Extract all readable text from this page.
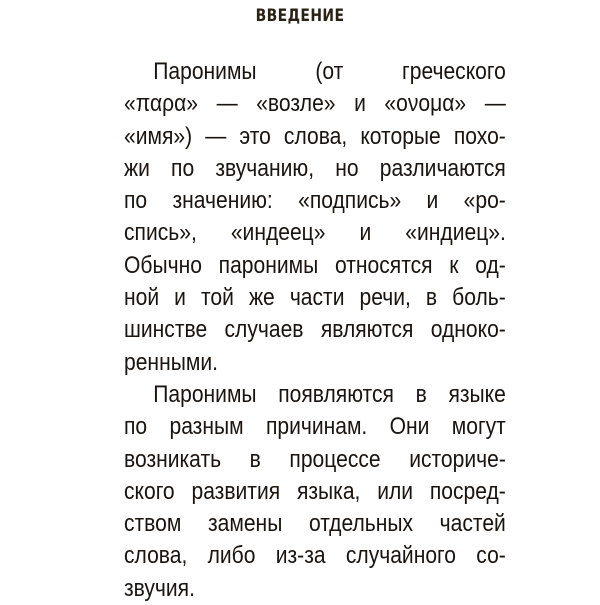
ВВЕДЕНИЕ
Паронимы (от греческого
«παρα» — «возле» и «ονομα» —
«имя») — это слова, которые похо-
жи по звучанию, но различаются
по значению: «подпись» и «ро-
спись», «индеец» и «индиец».
Обычно паронимы относятся к од-
ной и той же части речи, в боль-
шинстве случаев являются однoко-
ренными.
Паронимы появляются в языке
по разным причинам. Они могут
возникать в процессе историче-
ского развития языка, или посред-
ством замены отдельных частей
слова, либо из-за случайного со-
звучия.
